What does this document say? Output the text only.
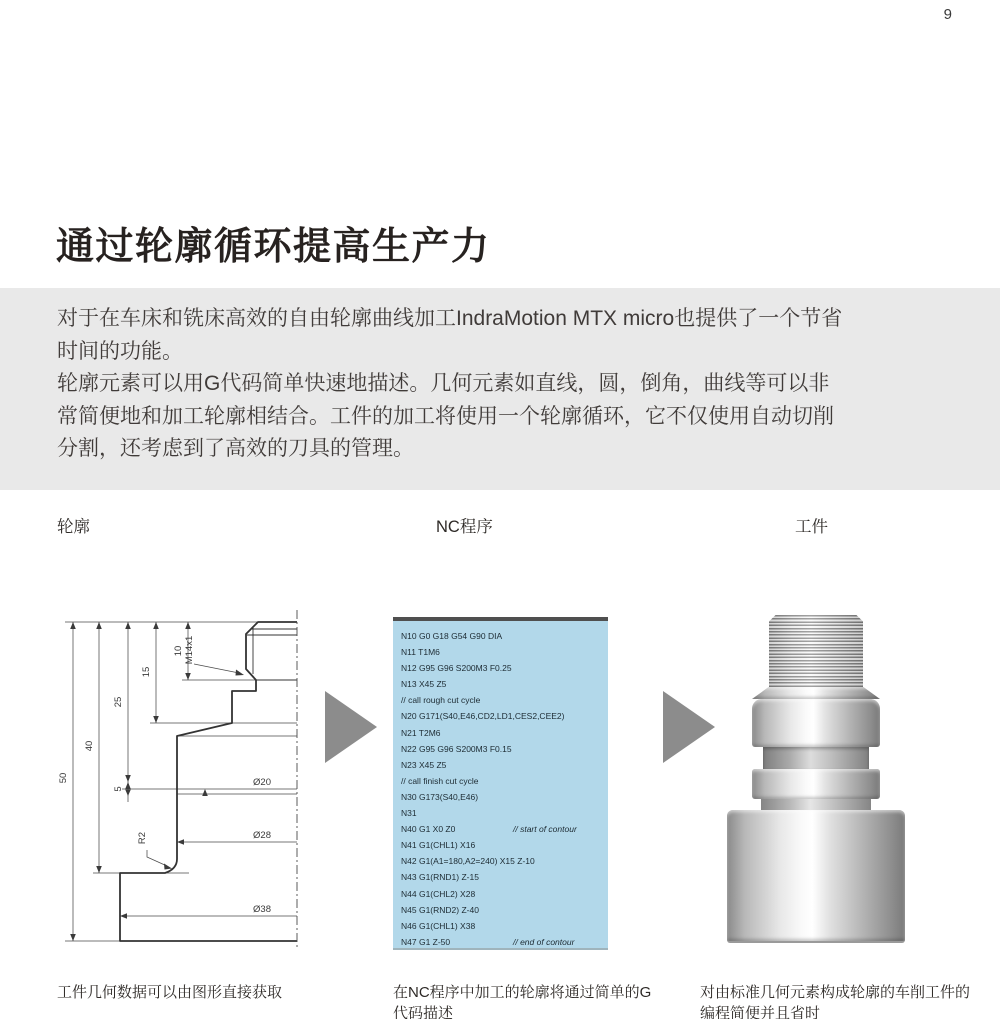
9
通过轮廓循环提高生产力
对于在车床和铣床高效的自由轮廓曲线加工IndraMotion MTX micro也提供了一个节省
时间的功能。
轮廓元素可以用G代码简单快速地描述。几何元素如直线，圆，倒角，曲线等可以非
常简便地和加工轮廓相结合。工件的加工将使用一个轮廓循环，它不仅使用自动切削
分割，还考虑到了高效的刀具的管理。
轮廓	NC程序	工件
10
15
25
40
50
5
M14x1
R2
Ø20
Ø28
Ø38
N10 G0 G18 G54 G90 DIA
N11 T1M6
N12 G95 G96 S200M3 F0.25
N13 X45 Z5
// call rough cut cycle
N20 G171(S40,E46,CD2,LD1,CES2,CEE2)
N21 T2M6
N22 G95 G96 S200M3 F0.15
N23 X45 Z5
// call finish cut cycle
N30 G173(S40,E46)
N31
N40 G1 X0 Z0	// start of contour
N41 G1(CHL1) X16
N42 G1(A1=180,A2=240) X15 Z-10
N43 G1(RND1) Z-15
N44 G1(CHL2) X28
N45 G1(RND2) Z-40
N46 G1(CHL1) X38
N47 G1 Z-50	// end of contour
工件几何数据可以由图形直接获取	在NC程序中加工的轮廓将通过简单的G
代码描述
对由标准几何元素构成轮廓的车削工件的
编程简便并且省时
